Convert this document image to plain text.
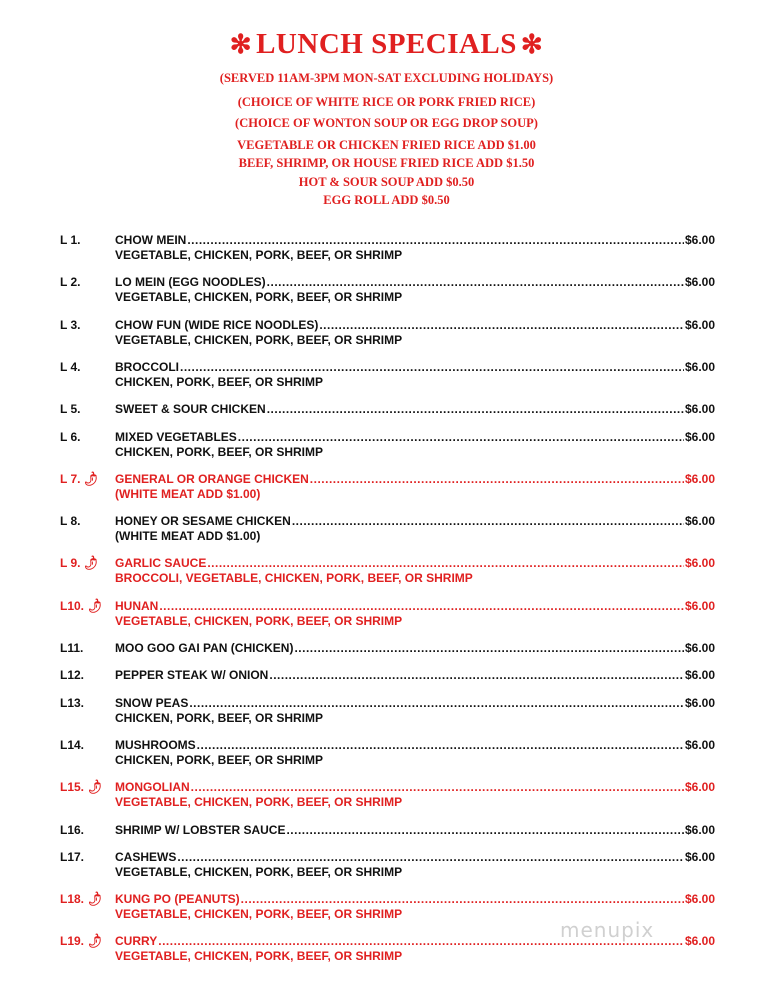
✻ LUNCH SPECIALS ✻
(SERVED 11AM-3PM MON-SAT EXCLUDING HOLIDAYS)
(CHOICE OF WHITE RICE OR PORK FRIED RICE)
(CHOICE OF WONTON SOUP OR EGG DROP SOUP)
VEGETABLE OR CHICKEN FRIED RICE ADD $1.00
BEEF, SHRIMP, OR HOUSE FRIED RICE ADD $1.50
HOT & SOUR SOUP ADD $0.50
EGG ROLL ADD $0.50
L 1.	CHOW MEIN .....	$6.00
VEGETABLE, CHICKEN, PORK, BEEF, OR SHRIMP
L 2.	LO MEIN (EGG NOODLES) .....	$6.00
VEGETABLE, CHICKEN, PORK, BEEF, OR SHRIMP
L 3.	CHOW FUN (WIDE RICE NOODLES) .....	$6.00
VEGETABLE, CHICKEN, PORK, BEEF, OR SHRIMP
L 4.	BROCCOLI .....	$6.00
CHICKEN, PORK, BEEF, OR SHRIMP
L 5.	SWEET & SOUR CHICKEN .....	$6.00
L 6.	MIXED VEGETABLES .....	$6.00
CHICKEN, PORK, BEEF, OR SHRIMP
L 7.🌶 GENERAL OR ORANGE CHICKEN .....	$6.00
(WHITE MEAT ADD $1.00)
L 8.	HONEY OR SESAME CHICKEN .....	$6.00
(WHITE MEAT ADD $1.00)
L 9.🌶 GARLIC SAUCE .....	$6.00
BROCCOLI, VEGETABLE, CHICKEN, PORK, BEEF, OR SHRIMP
L10.🌶 HUNAN .....	$6.00
VEGETABLE, CHICKEN, PORK, BEEF, OR SHRIMP
L11.	MOO GOO GAI PAN (CHICKEN) .....	$6.00
L12.	PEPPER STEAK W/ ONION .....	$6.00
L13.	SNOW PEAS .....	$6.00
CHICKEN, PORK, BEEF, OR SHRIMP
L14.	MUSHROOMS .....	$6.00
CHICKEN, PORK, BEEF, OR SHRIMP
L15.🌶 MONGOLIAN .....	$6.00
VEGETABLE, CHICKEN, PORK, BEEF, OR SHRIMP
L16.	SHRIMP W/ LOBSTER SAUCE .....	$6.00
L17.	CASHEWS .....	$6.00
VEGETABLE, CHICKEN, PORK, BEEF, OR SHRIMP
L18.🌶 KUNG PO (PEANUTS) .....	$6.00
VEGETABLE, CHICKEN, PORK, BEEF, OR SHRIMP
L19.🌶 CURRY .....	$6.00
VEGETABLE, CHICKEN, PORK, BEEF, OR SHRIMP
menupix
